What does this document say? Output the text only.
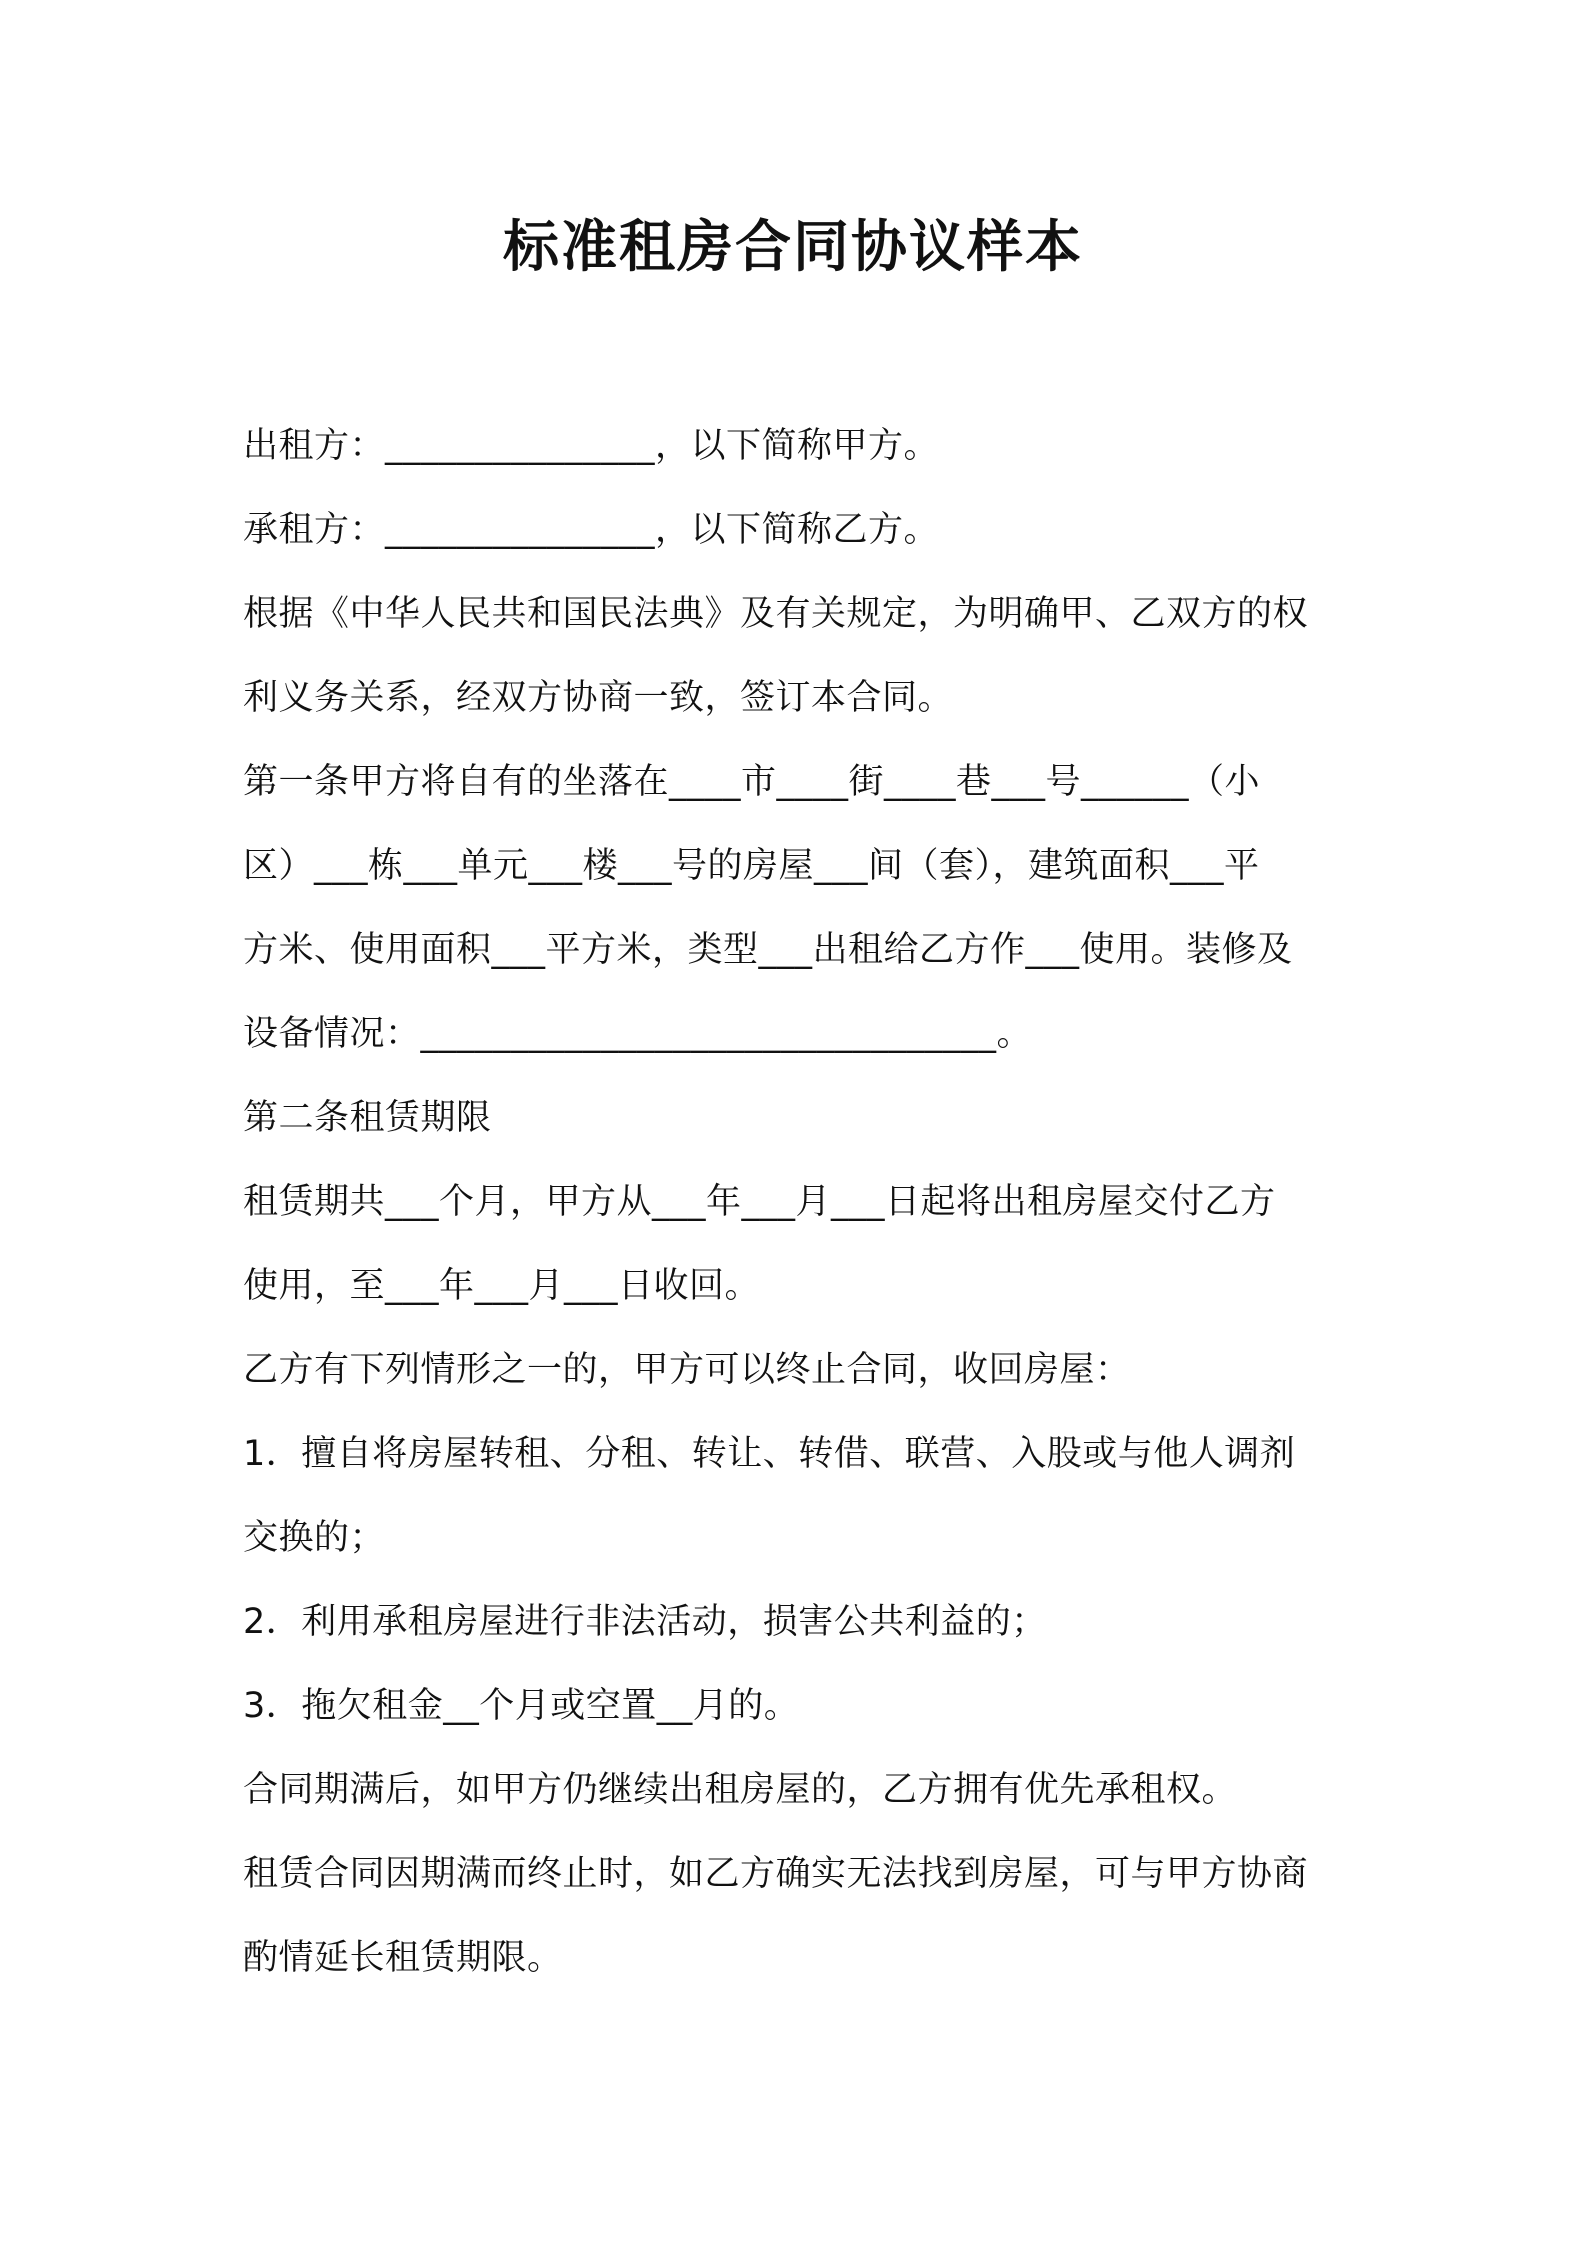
标准租房合同协议样本
出租方：_______________，以下简称甲方。
承租方：_______________，以下简称乙方。
根据《中华人民共和国民法典》及有关规定，为明确甲、乙双方的权
利义务关系，经双方协商一致，签订本合同。
第一条甲方将自有的坐落在____市____街____巷___号______（小
区）___栋___单元___楼___号的房屋___间（套），建筑面积___平
方米、使用面积___平方米，类型___出租给乙方作___使用。装修及
设备情况：________________________________。
第二条租赁期限
租赁期共___个月，甲方从___年___月___日起将出租房屋交付乙方
使用，至___年___月___日收回。
乙方有下列情形之一的，甲方可以终止合同，收回房屋：
1．擅自将房屋转租、分租、转让、转借、联营、入股或与他人调剂
交换的；
2．利用承租房屋进行非法活动，损害公共利益的；
3．拖欠租金__个月或空置__月的。
合同期满后，如甲方仍继续出租房屋的，乙方拥有优先承租权。
租赁合同因期满而终止时，如乙方确实无法找到房屋，可与甲方协商
酌情延长租赁期限。
